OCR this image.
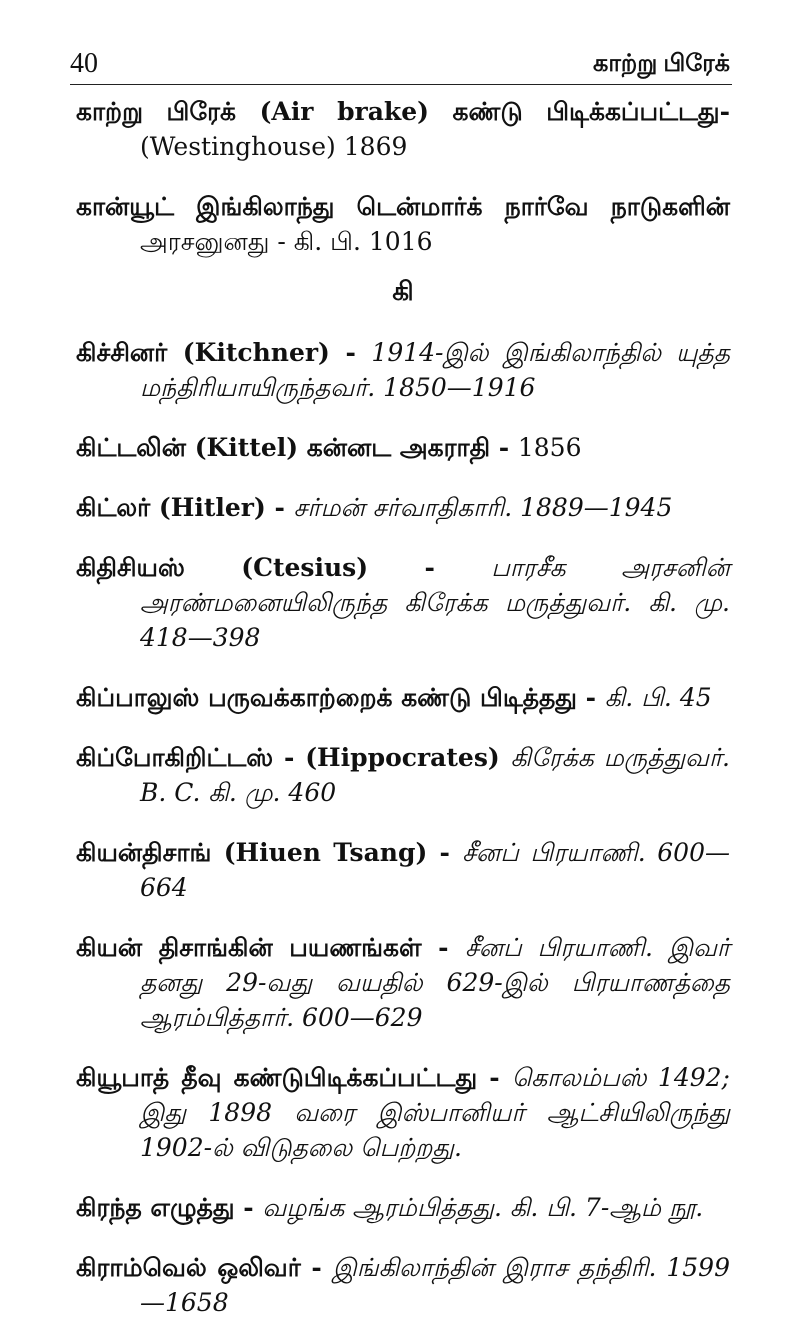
40	காற்று பிரேக்

காற்று பிரேக் (Air brake) கண்டு பிடிக்கப்பட்டது- (Westinghouse) 1869

கான்யூட் இங்கிலாந்து டென்மார்க் நார்வே நாடுகளின் அரசனுனது - கி. பி. 1016

கி

கிச்சினர் (Kitchner) - 1914-இல் இங்கிலாந்தில் யுத்த மந்திரியாயிருந்தவர். 1850—1916

கிட்டலின் (Kittel) கன்னட அகராதி - 1856

கிட்லர் (Hitler) - சர்மன் சர்வாதிகாரி. 1889—1945

கிதிசியஸ் (Ctesius) - பாரசீக அரசனின் அரண்மனையிலிருந்த கிரேக்க மருத்துவர். கி. மு. 418—398

கிப்பாலுஸ் பருவக்காற்றைக் கண்டு பிடித்தது - கி. பி. 45

கிப்போகிறிட்டஸ் - (Hippocrates) கிரேக்க மருத்துவர். B. C. கி. மு. 460

கியன்திசாங் (Hiuen Tsang) - சீனப் பிரயாணி. 600—664

கியன் திசாங்கின் பயணங்கள் - சீனப் பிரயாணி. இவர் தனது 29-வது வயதில் 629-இல் பிரயாணத்தை ஆரம்பித்தார். 600—629

கியூபாத் தீவு கண்டுபிடிக்கப்பட்டது - கொலம்பஸ் 1492; இது 1898 வரை இஸ்பானியர் ஆட்சியிலிருந்து 1902-ல் விடுதலை பெற்றது.

கிரந்த எழுத்து - வழங்க ஆரம்பித்தது. கி. பி. 7-ஆம் நூ.

கிராம்வெல் ஒலிவர் - இங்கிலாந்தின் இராச தந்திரி. 1599—1658
